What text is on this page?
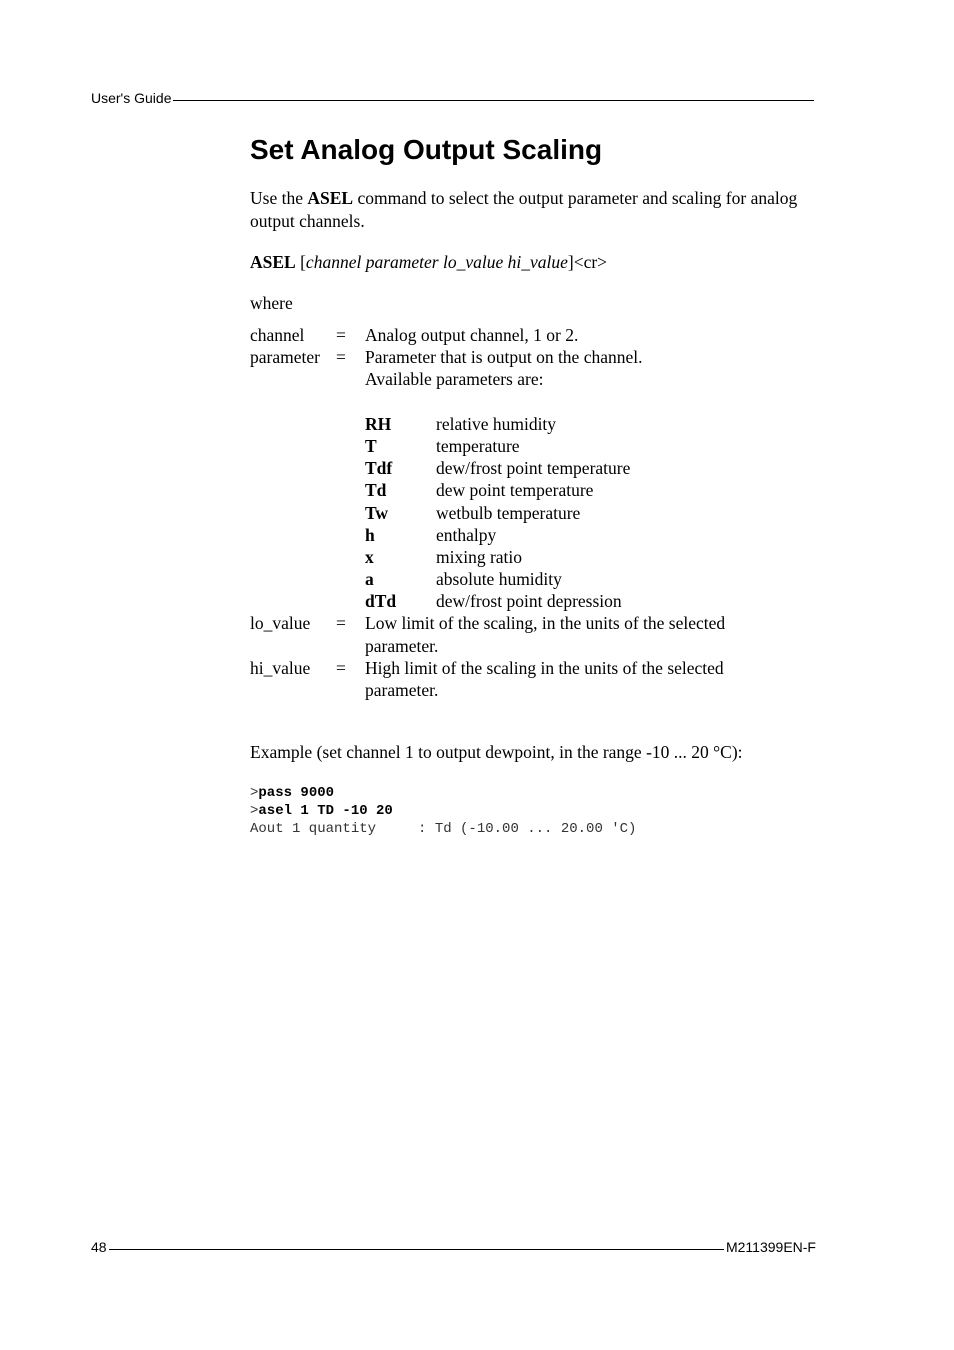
User's Guide
Set Analog Output Scaling
Use the ASEL command to select the output parameter and scaling for analog output channels.
ASEL [channel parameter lo_value hi_value]<cr>
where
channel = Analog output channel, 1 or 2.
parameter = Parameter that is output on the channel.
Available parameters are:
RH	relative humidity
T	temperature
Tdf	dew/frost point temperature
Td	dew point temperature
Tw	wetbulb temperature
h	enthalpy
x	mixing ratio
a	absolute humidity
dTd dew/frost point depression
lo_value = Low limit of the scaling, in the units of the selected
parameter.
hi_value = High limit of the scaling in the units of the selected
parameter.
Example (set channel 1 to output dewpoint, in the range -10 ... 20 °C):
>pass 9000
>asel 1 TD -10 20
Aout 1 quantity     : Td (-10.00 ... 20.00 'C)
48	M211399EN-F
